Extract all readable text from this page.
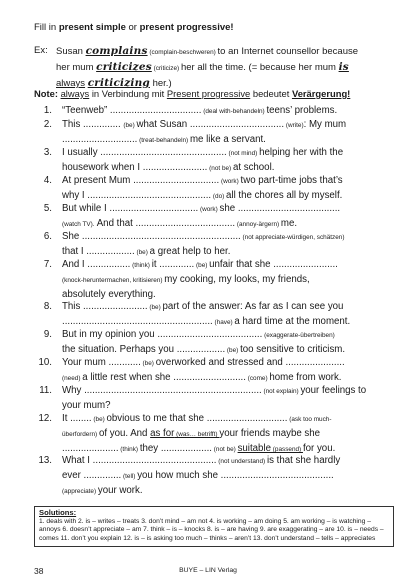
Fill in present simple or present progressive!
Ex: Susan complains (complain-beschweren) to an Internet counsellor because
her mum criticizes (criticize) her all the time. (= because her mum is
always criticizing her.)
Note: always in Verbindung mit Present progressive bedeutet Verärgerung!
1. “Teenweb” .................................. (deal with-behandeln) teens’ problems.
2. This .............. (be) what Susan ................................... (write): My mum
............................ (treat-behandeln) me like a servant.
3. I usually ............................................... (not mind) helping her with the
housework when I ........................ (not be) at school.
4. At present Mum ................................ (work) two part-time jobs that’s
why I .............................................. (do) all the chores all by myself.
5. But while I ................................. (work) she ......................................
(watch TV). And that ..................................... (annoy-ärgern) me.
6. She ........................................................... (not appreciate-würdigen, schätzen)
that I .................. (be) a great help to her.
7. And I ................ (think) it ............. (be) unfair that she ........................
(knock-heruntermachen, kritisieren) my cooking, my looks, my friends,
absolutely everything.
8. This ........................ (be) part of the answer: As far as I can see you
........................................................ (have) a hard time at the moment.
9. But in my opinion you ....................................... (exaggerate-übertreiben)
the situation. Perhaps you .................. (be) too sensitive to criticism.
10. Your mum ............ (be) overworked and stressed and ......................
(need) a little rest when she ........................... (come) home from work.
11. Why .................................................................. (not explain) your feelings to
your mum?
12. It ........ (be) obvious to me that she .............................. (ask too much-
überfordern) of you. And as for (was… betrifft) your friends maybe she
..................... (think) they ................... (not be) suitable (passend) for you.
13. What I .............................................. (not understand) is that she hardly
ever .............. (tell) you how much she ..........................................
(appreciate) your work.
Solutions:
1. deals with 2. is – writes – treats 3. don’t mind – am not 4. is working – am doing 5. am working – is watching – annoys 6. doesn’t appreciate – am 7. think – is – knocks 8. is – are having 9. are exaggerating – are 10. is – needs – comes 11. don’t you explain 12. is – is asking too much – thinks – aren’t 13. don’t understand – tells – appreciates
38	BUYE – LIN Verlag
